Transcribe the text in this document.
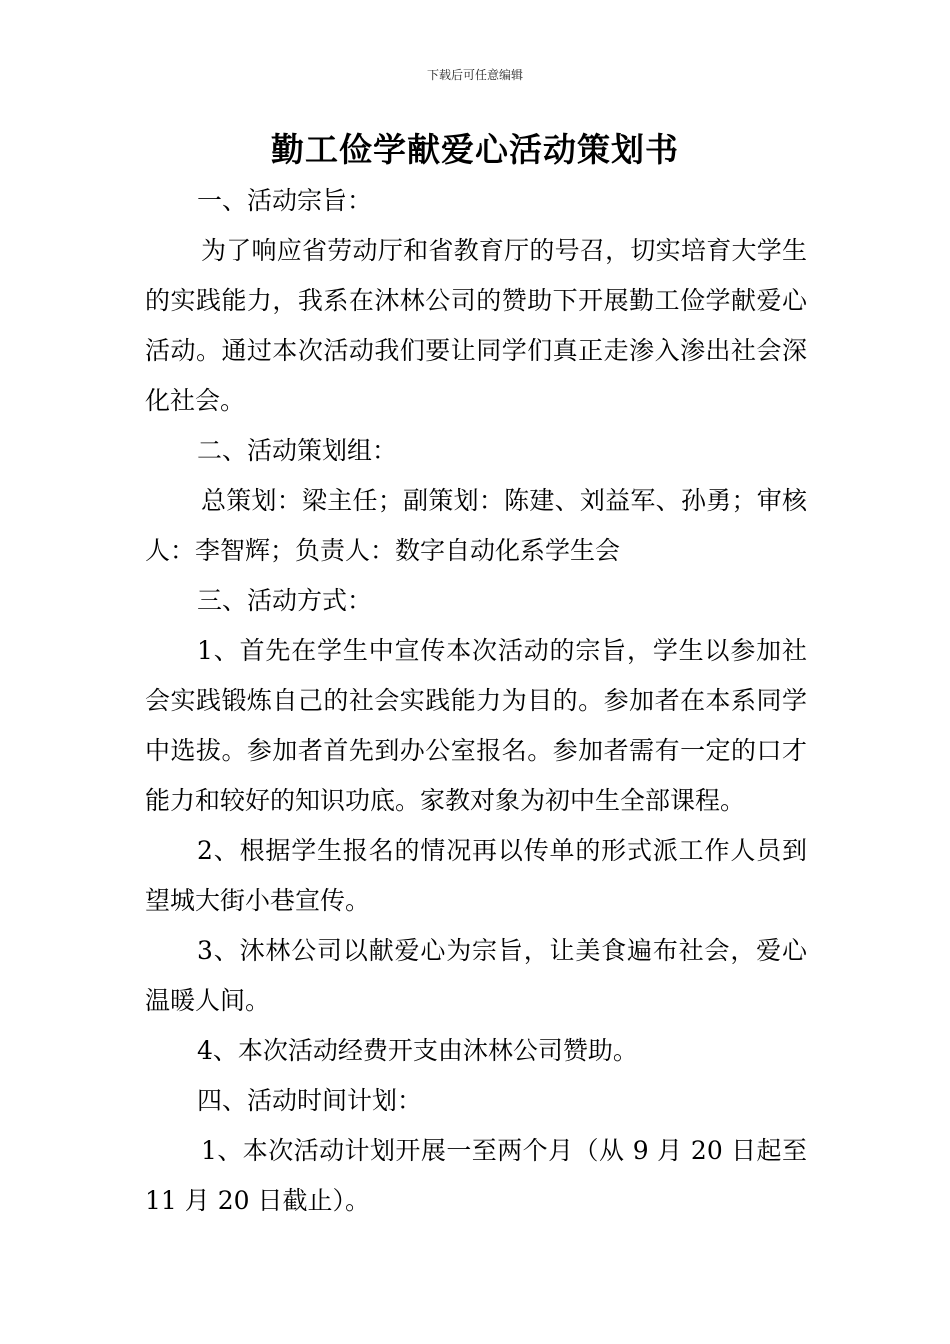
下载后可任意编辑
勤工俭学献爱心活动策划书

一、活动宗旨：

为了响应省劳动厅和省教育厅的号召，切实培育大学生的实践能力，我系在沐林公司的赞助下开展勤工俭学献爱心活动。通过本次活动我们要让同学们真正走渗入渗出社会深化社会。

二、活动策划组：

总策划：梁主任；副策划：陈建、刘益军、孙勇；审核人：李智辉；负责人：数字自动化系学生会

三、活动方式：

1、首先在学生中宣传本次活动的宗旨，学生以参加社会实践锻炼自己的社会实践能力为目的。参加者在本系同学中选拔。参加者首先到办公室报名。参加者需有一定的口才能力和较好的知识功底。家教对象为初中生全部课程。

2、根据学生报名的情况再以传单的形式派工作人员到望城大街小巷宣传。

3、沐林公司以献爱心为宗旨，让美食遍布社会，爱心温暖人间。

4、本次活动经费开支由沐林公司赞助。

四、活动时间计划：

1、本次活动计划开展一至两个月（从 9 月 20 日起至 11 月 20 日截止）。
